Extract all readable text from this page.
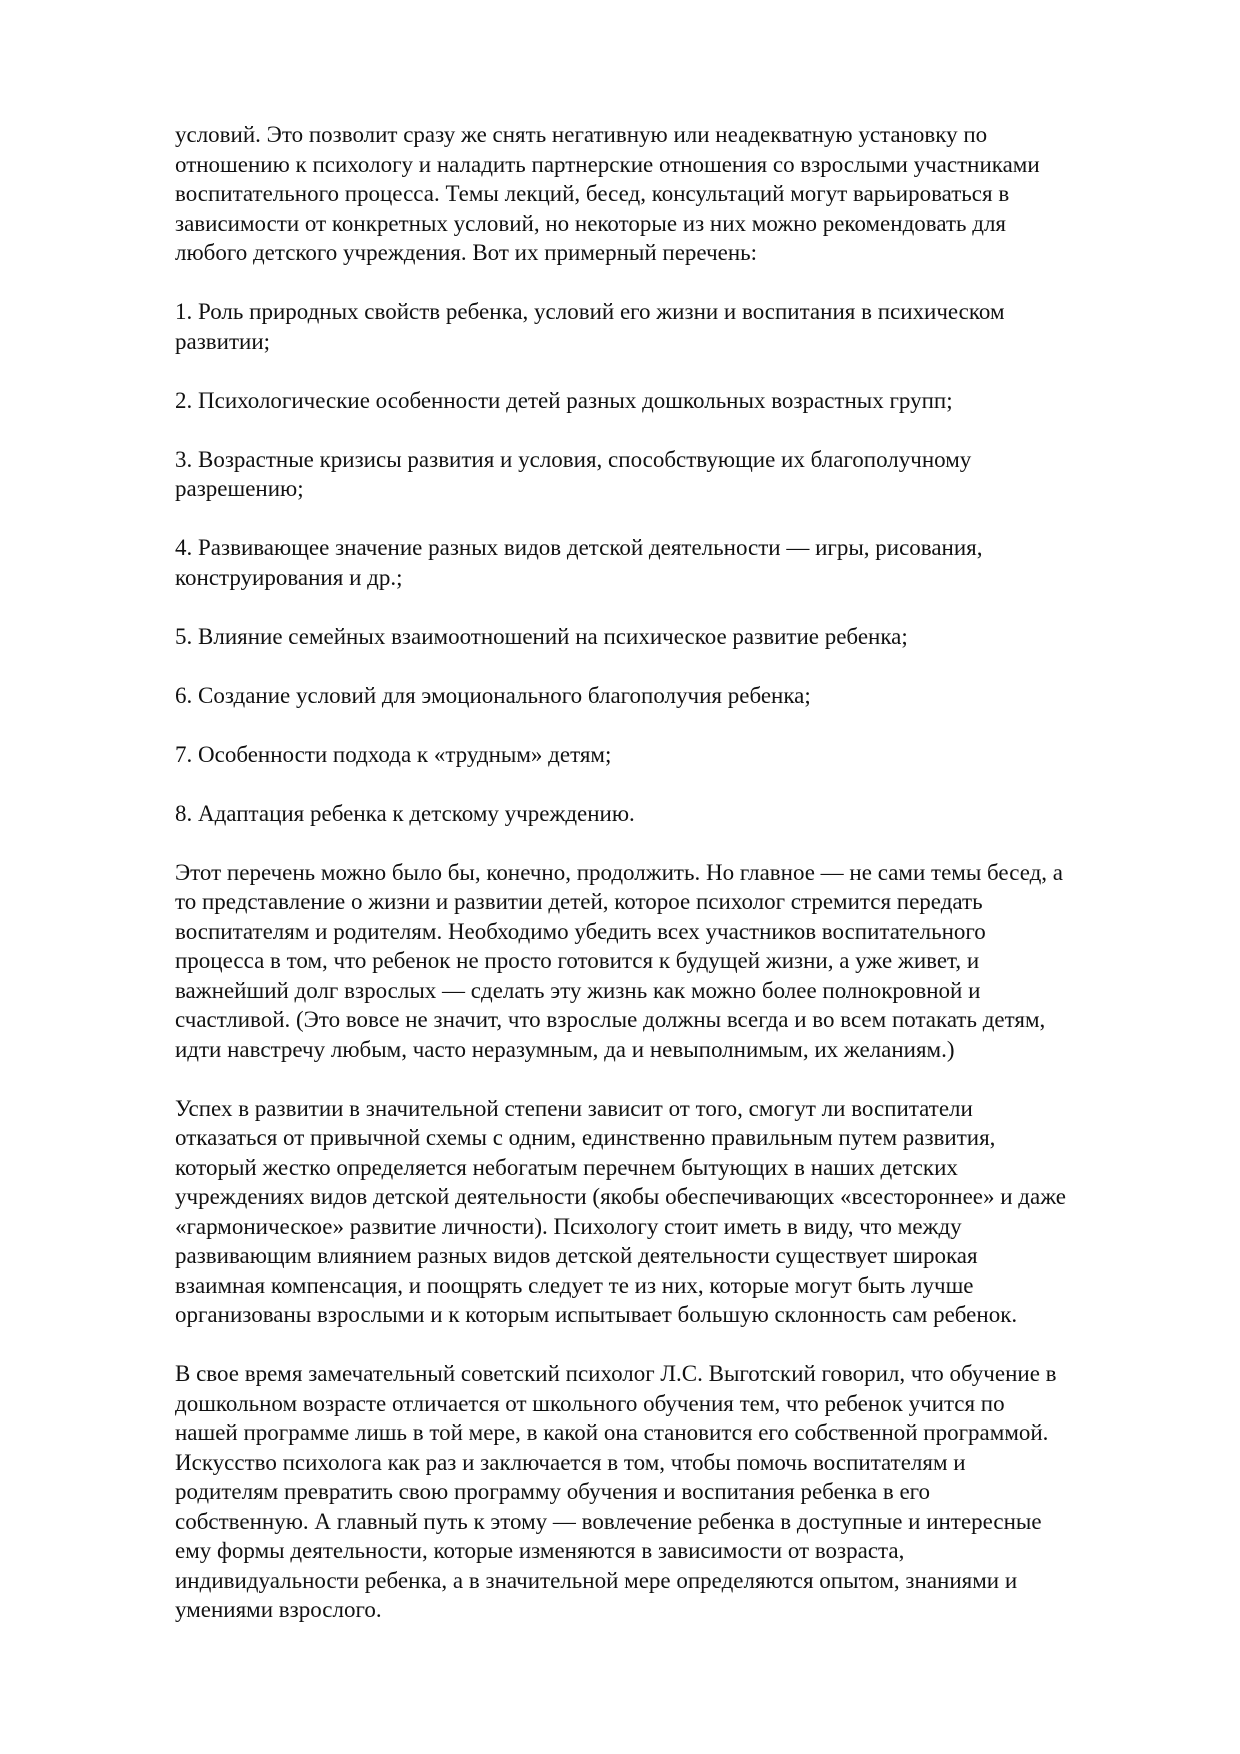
условий. Это позволит сразу же снять негативную или неадекватную установку по
отношению к психологу и наладить партнерские отношения со взрослыми участниками
воспитательного процесса. Темы лекций, бесед, консультаций могут варьироваться в
зависимости от конкретных условий, но некоторые из них можно рекомендовать для
любого детского учреждения. Вот их примерный перечень:
1. Роль природных свойств ребенка, условий его жизни и воспитания в психическом
развитии;
2. Психологические особенности детей разных дошкольных возрастных групп;
3. Возрастные кризисы развития и условия, способствующие их благополучному
разрешению;
4. Развивающее значение разных видов детской деятельности — игры, рисования,
конструирования и др.;
5. Влияние семейных взаимоотношений на психическое развитие ребенка;
6. Создание условий для эмоционального благополучия ребенка;
7. Особенности подхода к «трудным» детям;
8. Адаптация ребенка к детскому учреждению.
Этот перечень можно было бы, конечно, продолжить. Но главное — не сами темы бесед, а
то представление о жизни и развитии детей, которое психолог стремится передать
воспитателям и родителям. Необходимо убедить всех участников воспитательного
процесса в том, что ребенок не просто готовится к будущей жизни, а уже живет, и
важнейший долг взрослых — сделать эту жизнь как можно более полнокровной и
счастливой. (Это вовсе не значит, что взрослые должны всегда и во всем потакать детям,
идти навстречу любым, часто неразумным, да и невыполнимым, их желаниям.)
Успех в развитии в значительной степени зависит от того, смогут ли воспитатели
отказаться от привычной схемы с одним, единственно правильным путем развития,
который жестко определяется небогатым перечнем бытующих в наших детских
учреждениях видов детской деятельности (якобы обеспечивающих «всестороннее» и даже
«гармоническое» развитие личности). Психологу стоит иметь в виду, что между
развивающим влиянием разных видов детской деятельности существует широкая
взаимная компенсация, и поощрять следует те из них, которые могут быть лучше
организованы взрослыми и к которым испытывает большую склонность сам ребенок.
В свое время замечательный советский психолог Л.С. Выготский говорил, что обучение в
дошкольном возрасте отличается от школьного обучения тем, что ребенок учится по
нашей программе лишь в той мере, в какой она становится его собственной программой.
Искусство психолога как раз и заключается в том, чтобы помочь воспитателям и
родителям превратить свою программу обучения и воспитания ребенка в его
собственную. А главный путь к этому — вовлечение ребенка в доступные и интересные
ему формы деятельности, которые изменяются в зависимости от возраста,
индивидуальности ребенка, а в значительной мере определяются опытом, знаниями и
умениями взрослого.
